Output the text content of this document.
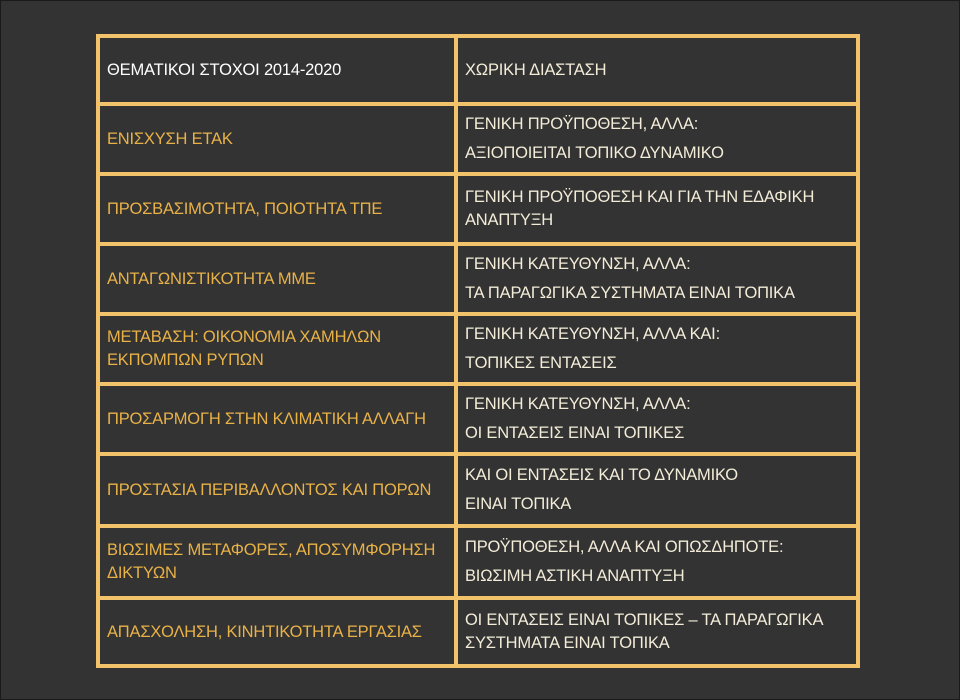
ΘΕΜΑΤΙΚΟΙ ΣΤΟΧΟΙ 2014-2020	ΧΩΡΙΚΗ ΔΙΑΣΤΑΣΗ

ΕΝΙΣΧΥΣΗ ΕΤΑΚ	ΓΕΝΙΚΗ ΠΡΟΫΠΟΘΕΣΗ, ΑΛΛΑ:
ΑΞΙΟΠΟΙΕΙΤΑΙ ΤΟΠΙΚΟ ΔΥΝΑΜΙΚΟ

ΠΡΟΣΒΑΣΙΜΟΤΗΤΑ, ΠΟΙΟΤΗΤΑ ΤΠΕ	ΓΕΝΙΚΗ ΠΡΟΫΠΟΘΕΣΗ ΚΑΙ ΓΙΑ ΤΗΝ ΕΔΑΦΙΚΗ
ΑΝΑΠΤΥΞΗ

ΑΝΤΑΓΩΝΙΣΤΙΚΟΤΗΤΑ ΜΜΕ	ΓΕΝΙΚΗ ΚΑΤΕΥΘΥΝΣΗ, ΑΛΛΑ:
ΤΑ ΠΑΡΑΓΩΓΙΚΑ ΣΥΣΤΗΜΑΤΑ ΕΙΝΑΙ ΤΟΠΙΚΑ

ΜΕΤΑΒΑΣΗ: ΟΙΚΟΝΟΜΙΑ ΧΑΜΗΛΩΝ
ΕΚΠΟΜΠΩΝ ΡΥΠΩΝ	ΓΕΝΙΚΗ ΚΑΤΕΥΘΥΝΣΗ, ΑΛΛΑ ΚΑΙ:
ΤΟΠΙΚΕΣ ΕΝΤΑΣΕΙΣ

ΠΡΟΣΑΡΜΟΓΗ ΣΤΗΝ ΚΛΙΜΑΤΙΚΗ ΑΛΛΑΓΗ	ΓΕΝΙΚΗ ΚΑΤΕΥΘΥΝΣΗ, ΑΛΛΑ:
ΟΙ ΕΝΤΑΣΕΙΣ ΕΙΝΑΙ ΤΟΠΙΚΕΣ

ΠΡΟΣΤΑΣΙΑ ΠΕΡΙΒΑΛΛΟΝΤΟΣ ΚΑΙ ΠΟΡΩΝ	ΚΑΙ ΟΙ ΕΝΤΑΣΕΙΣ ΚΑΙ ΤΟ ΔΥΝΑΜΙΚΟ
ΕΙΝΑΙ ΤΟΠΙΚΑ

ΒΙΩΣΙΜΕΣ ΜΕΤΑΦΟΡΕΣ, ΑΠΟΣΥΜΦΟΡΗΣΗ
ΔΙΚΤΥΩΝ	ΠΡΟΫΠΟΘΕΣΗ, ΑΛΛΑ ΚΑΙ ΟΠΩΣΔΗΠΟΤΕ:
ΒΙΩΣΙΜΗ ΑΣΤΙΚΗ ΑΝΑΠΤΥΞΗ

ΑΠΑΣΧΟΛΗΣΗ, ΚΙΝΗΤΙΚΟΤΗΤΑ ΕΡΓΑΣΙΑΣ	ΟΙ ΕΝΤΑΣΕΙΣ ΕΙΝΑΙ ΤΟΠΙΚΕΣ – ΤΑ ΠΑΡΑΓΩΓΙΚΑ
ΣΥΣΤΗΜΑΤΑ ΕΙΝΑΙ ΤΟΠΙΚΑ
